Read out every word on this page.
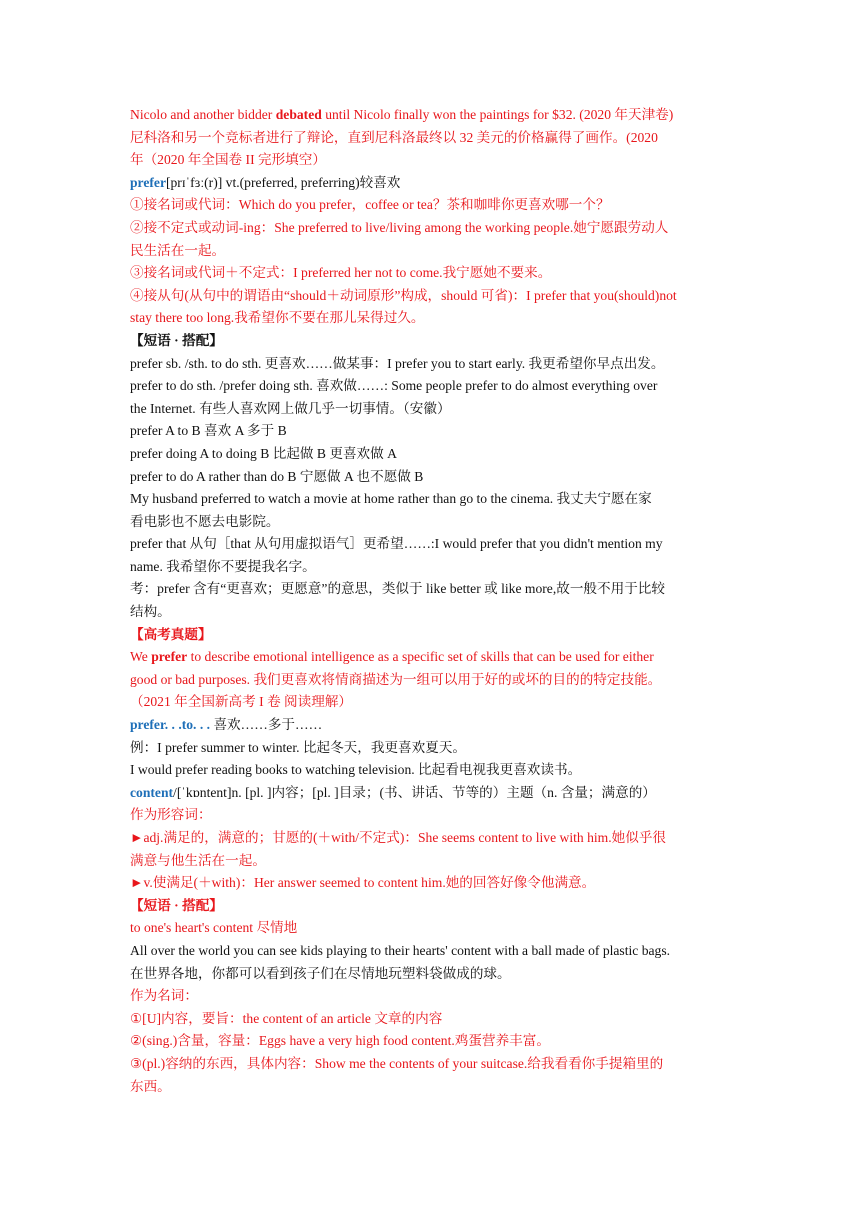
Nicolo and another bidder debated until Nicolo finally won the paintings for $32. (2020 年天津卷)
尼科洛和另一个竞标者进行了辩论，直到尼科洛最终以 32 美元的价格赢得了画作。(2020
年（2020 年全国卷 II 完形填空）
prefer[prɪˈfɜː(r)] vt.(preferred, preferring)较喜欢
①接名词或代词：Which do you prefer，coffee or tea？茶和咖啡你更喜欢哪一个？
②接不定式或动词-ing：She preferred to live/living among the working people.她宁愿跟劳动人
民生活在一起。
③接名词或代词＋不定式：I preferred her not to come.我宁愿她不要来。
④接从句(从句中的谓语由“should＋动词原形”构成，should 可省)：I prefer that you(should)not
stay there too long.我希望你不要在那儿呆得过久。
【短语 · 搭配】
prefer sb. /sth. to do sth. 更喜欢……做某事：I prefer you to start early. 我更希望你早点出发。
prefer to do sth. /prefer doing sth. 喜欢做……: Some people prefer to do almost everything over
the Internet. 有些人喜欢网上做几乎一切事情。（安徽）
prefer A to B 喜欢 A 多于 B
prefer doing A to doing B 比起做 B 更喜欢做 A
prefer to do A rather than do B 宁愿做 A 也不愿做 B
My husband preferred to watch a movie at home rather than go to the cinema. 我丈夫宁愿在家
看电影也不愿去电影院。
prefer that 从句［that 从句用虚拟语气］更希望……:I would prefer that you didn't mention my
name. 我希望你不要提我名字。
考：prefer 含有“更喜欢；更愿意”的意思，类似于 like better 或 like more,故一般不用于比较
结构。
【高考真题】
We prefer to describe emotional intelligence as a specific set of skills that can be used for either
good or bad purposes. 我们更喜欢将情商描述为一组可以用于好的或坏的目的的特定技能。
（2021 年全国新高考 I 卷 阅读理解）
prefer. . .to. . . 喜欢……多于……
例：I prefer summer to winter. 比起冬天，我更喜欢夏天。
I would prefer reading books to watching television. 比起看电视我更喜欢读书。
content/[ˈkɒntent]n. [pl. ]内容；[pl. ]目录；(书、讲话、节等的）主题（n. 含量；满意的）
作为形容词：
►adj.满足的，满意的；甘愿的(＋with/不定式)：She seems content to live with him.她似乎很
满意与他生活在一起。
►v.使满足(＋with)：Her answer seemed to content him.她的回答好像令他满意。
【短语 · 搭配】
to one's heart's content 尽情地
All over the world you can see kids playing to their hearts' content with a ball made of plastic bags.
在世界各地，你都可以看到孩子们在尽情地玩塑料袋做成的球。
作为名词：
①[U]内容，要旨：the content of an article 文章的内容
②(sing.)含量，容量：Eggs have a very high food content.鸡蛋营养丰富。
③(pl.)容纳的东西，具体内容：Show me the contents of your suitcase.给我看看你手提箱里的
东西。
